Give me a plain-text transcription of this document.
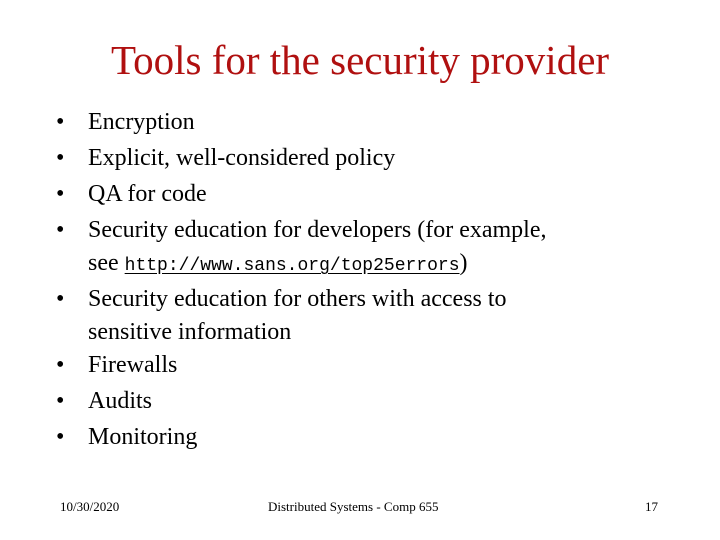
Tools for the security provider
• Encryption
• Explicit, well-considered policy
• QA for code
• Security education for developers (for example,
see http://www.sans.org/top25errors)
• Security education for others with access to
sensitive information
• Firewalls
• Audits
• Monitoring
10/30/2020	Distributed Systems - Comp 655	17
